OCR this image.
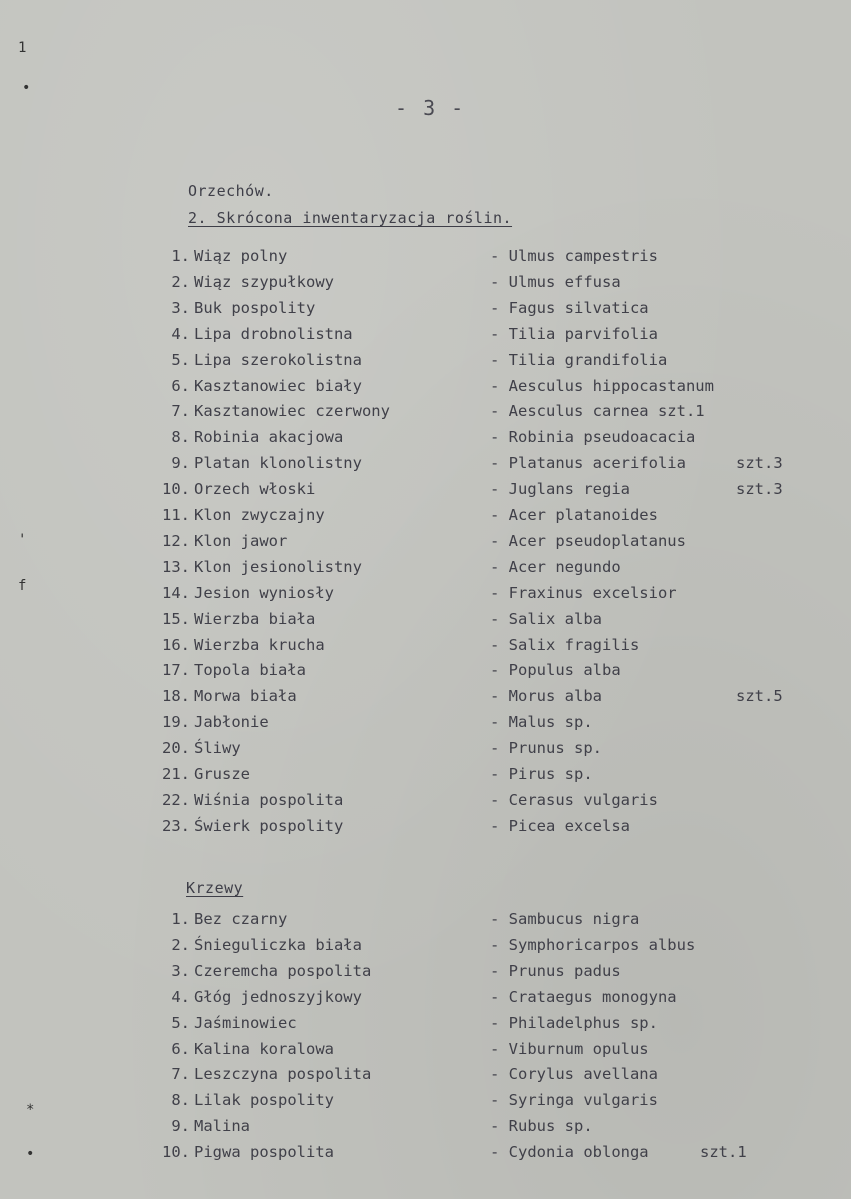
1
•
'
f
*
•
- 3 -
Orzechów.
2. Skrócona inwentaryzacja roślin.
1. Wiąz polny	- Ulmus campestris
2. Wiąz szypułkowy	- Ulmus effusa
3. Buk pospolity	- Fagus silvatica
4. Lipa drobnolistna	- Tilia parvifolia
5. Lipa szerokolistna	- Tilia grandifolia
6. Kasztanowiec biały	- Aesculus hippocastanum
7. Kasztanowiec czerwony	- Aesculus carnea szt.1
8. Robinia akacjowa	- Robinia pseudoacacia
9. Platan klonolistny	- Platanus acerifolia	szt.3
10. Orzech włoski	- Juglans regia	szt.3
11. Klon zwyczajny	- Acer platanoides
12. Klon jawor	- Acer pseudoplatanus
13. Klon jesionolistny	- Acer negundo
14. Jesion wyniosły	- Fraxinus excelsior
15. Wierzba biała	- Salix alba
16. Wierzba krucha	- Salix fragilis
17. Topola biała	- Populus alba
18. Morwa biała	- Morus alba	szt.5
19. Jabłonie	- Malus sp.
20. Śliwy	- Prunus sp.
21. Grusze	- Pirus sp.
22. Wiśnia pospolita	- Cerasus vulgaris
23. Świerk pospolity	- Picea excelsa
Krzewy
1. Bez czarny	- Sambucus nigra
2. Śnieguliczka biała	- Symphoricarpos albus
3. Czeremcha pospolita	- Prunus padus
4. Głóg jednoszyjkowy	- Crataegus monogyna
5. Jaśminowiec	- Philadelphus sp.
6. Kalina koralowa	- Viburnum opulus
7. Leszczyna pospolita	- Corylus avellana
8. Lilak pospolity	- Syringa vulgaris
9. Malina	- Rubus sp.
10. Pigwa pospolita	- Cydonia oblonga	szt.1
